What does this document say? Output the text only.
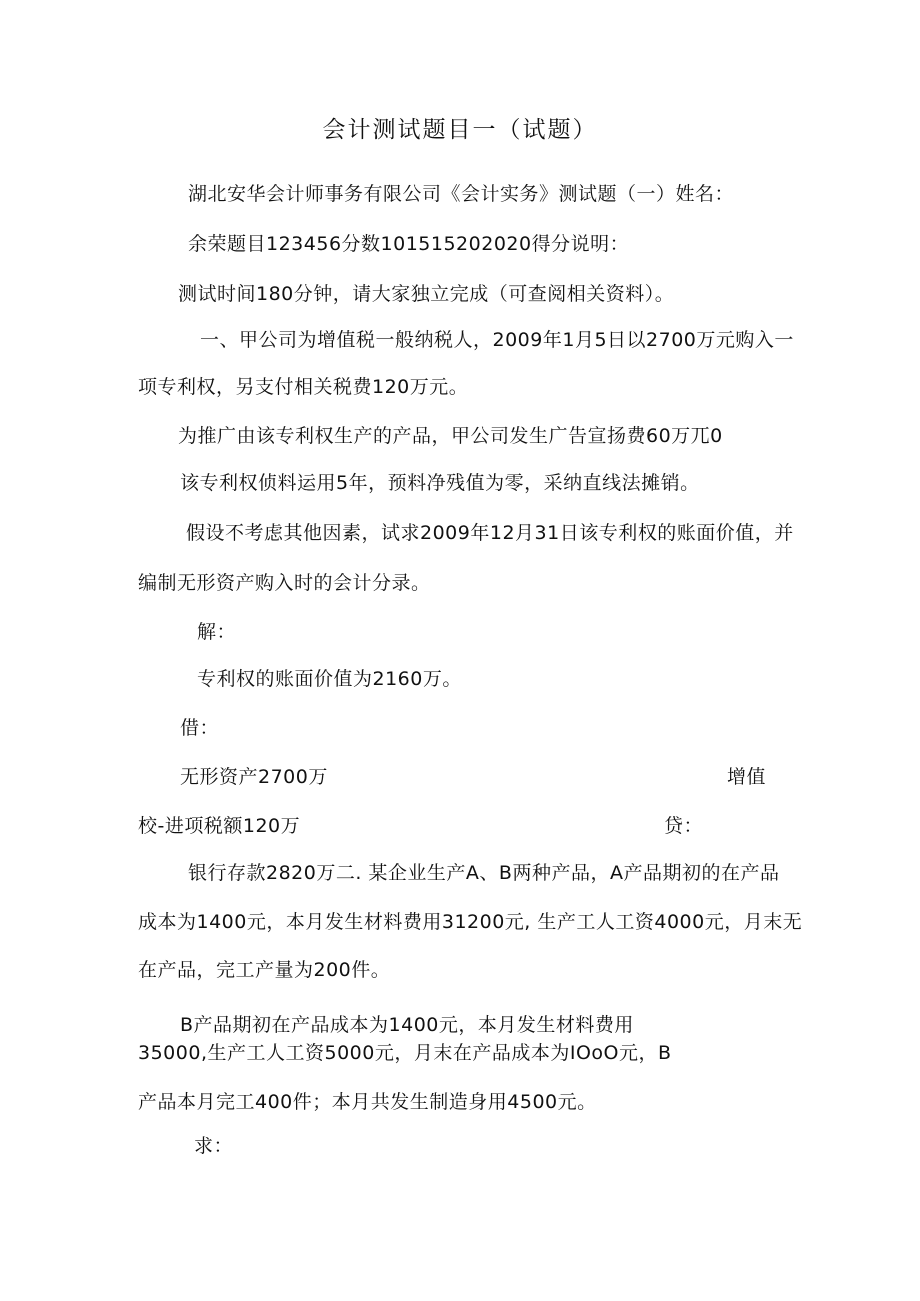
会计测试题目一（试题）

湖北安华会计师事务有限公司《会计实务》测试题（一）姓名：

余荣题目123456分数101515202020得分说明：

测试时间180分钟，请大家独立完成（可查阅相关资料）。

一、甲公司为增值税一般纳税人，2009年1月5日以2700万元购入一

项专利权，另支付相关税费120万元。

为推广由该专利权生产的产品，甲公司发生广告宣扬费60万兀0

该专利权侦料运用5年，预料净残值为零，采纳直线法摊销。

假设不考虑其他因素，试求2009年12月31日该专利权的账面价值，并

编制无形资产购入时的会计分录。

解：

专利权的账面价值为2160万。

借：

无形资产2700万	增值

校-进项税额120万	贷：

银行存款2820万二. 某企业生产A、B两种产品，A产品期初的在产品

成本为1400元，本月发生材料费用31200元, 生产工人工资4000元，月末无

在产品，完工产量为200件。

B产品期初在产品成本为1400元，本月发生材料费用

35000,生产工人工资5000元，月末在产品成本为IOoO元，B

产品本月完工400件；本月共发生制造身用4500元。

求：
